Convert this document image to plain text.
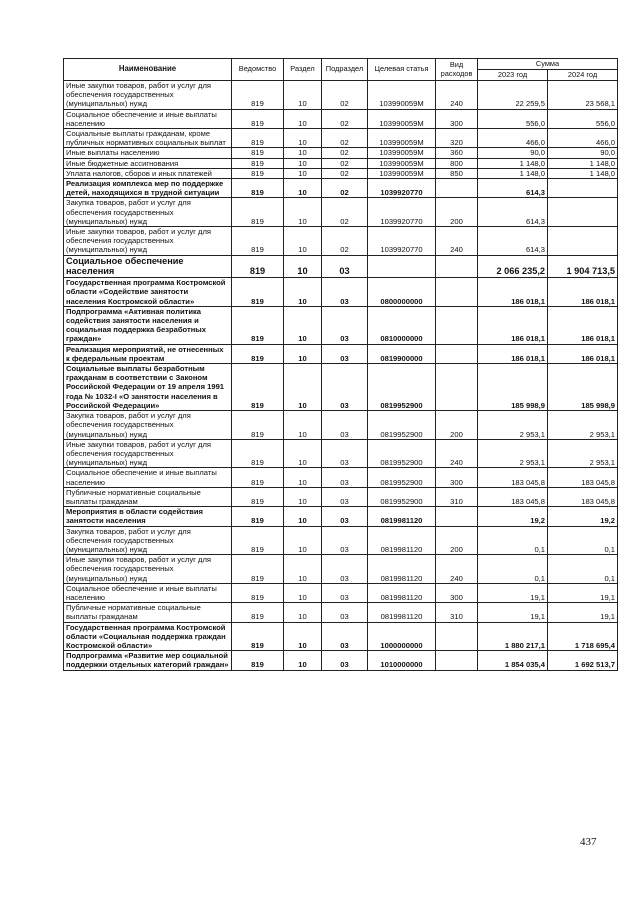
Наименование	Ведомство	Раздел	Подраздел	Целевая статья	Вид расходов	Сумма	
						2023 год	2024 год
Иные закупки товаров, работ и услуг для обеспечения государственных (муниципальных) нужд	819	10	02	103990059М	240	22 259,5	23 568,1
Социальное обеспечение и иные выплаты населению	819	10	02	103990059М	300	556,0	556,0
Социальные выплаты гражданам, кроме публичных нормативных социальных выплат	819	10	02	103990059М	320	466,0	466,0
Иные выплаты населению	819	10	02	103990059М	360	90,0	90,0
Иные бюджетные ассигнования	819	10	02	103990059М	800	1 148,0	1 148,0
Уплата налогов, сборов и иных платежей	819	10	02	103990059М	850	1 148,0	1 148,0
Реализация комплекса мер по поддержке детей, находящихся в трудной ситуации	819	10	02	1039920770		614,3	
Закупка товаров, работ и услуг для обеспечения государственных (муниципальных) нужд	819	10	02	1039920770	200	614,3	
Иные закупки товаров, работ и услуг для обеспечения государственных (муниципальных) нужд	819	10	02	1039920770	240	614,3	
Социальное обеспечение населения	819	10	03			2 066 235,2	1 904 713,5
Государственная программа Костромской области «Содействие занятости населения Костромской области»	819	10	03	0800000000		186 018,1	186 018,1
Подпрограмма «Активная политика содействия занятости населения и социальная поддержка безработных граждан»	819	10	03	0810000000		186 018,1	186 018,1
Реализация мероприятий, не отнесенных к федеральным проектам	819	10	03	0819900000		186 018,1	186 018,1
Социальные выплаты безработным гражданам в соответствии с Законом Российской Федерации от 19 апреля 1991 года № 1032-I «О занятости населения в Российской Федерации»	819	10	03	0819952900		185 998,9	185 998,9
Закупка товаров, работ и услуг для обеспечения государственных (муниципальных) нужд	819	10	03	0819952900	200	2 953,1	2 953,1
Иные закупки товаров, работ и услуг для обеспечения государственных (муниципальных) нужд	819	10	03	0819952900	240	2 953,1	2 953,1
Социальное обеспечение и иные выплаты населению	819	10	03	0819952900	300	183 045,8	183 045,8
Публичные нормативные социальные выплаты гражданам	819	10	03	0819952900	310	183 045,8	183 045,8
Мероприятия в области содействия занятости населения	819	10	03	0819981120		19,2	19,2
Закупка товаров, работ и услуг для обеспечения государственных (муниципальных) нужд	819	10	03	0819981120	200	0,1	0,1
Иные закупки товаров, работ и услуг для обеспечения государственных (муниципальных) нужд	819	10	03	0819981120	240	0,1	0,1
Социальное обеспечение и иные выплаты населению	819	10	03	0819981120	300	19,1	19,1
Публичные нормативные социальные выплаты гражданам	819	10	03	0819981120	310	19,1	19,1
Государственная программа Костромской области «Социальная поддержка граждан Костромской области»	819	10	03	1000000000		1 880 217,1	1 718 695,4
Подпрограмма «Развитие мер социальной поддержки отдельных категорий граждан»	819	10	03	1010000000		1 854 035,4	1 692 513,7
437
